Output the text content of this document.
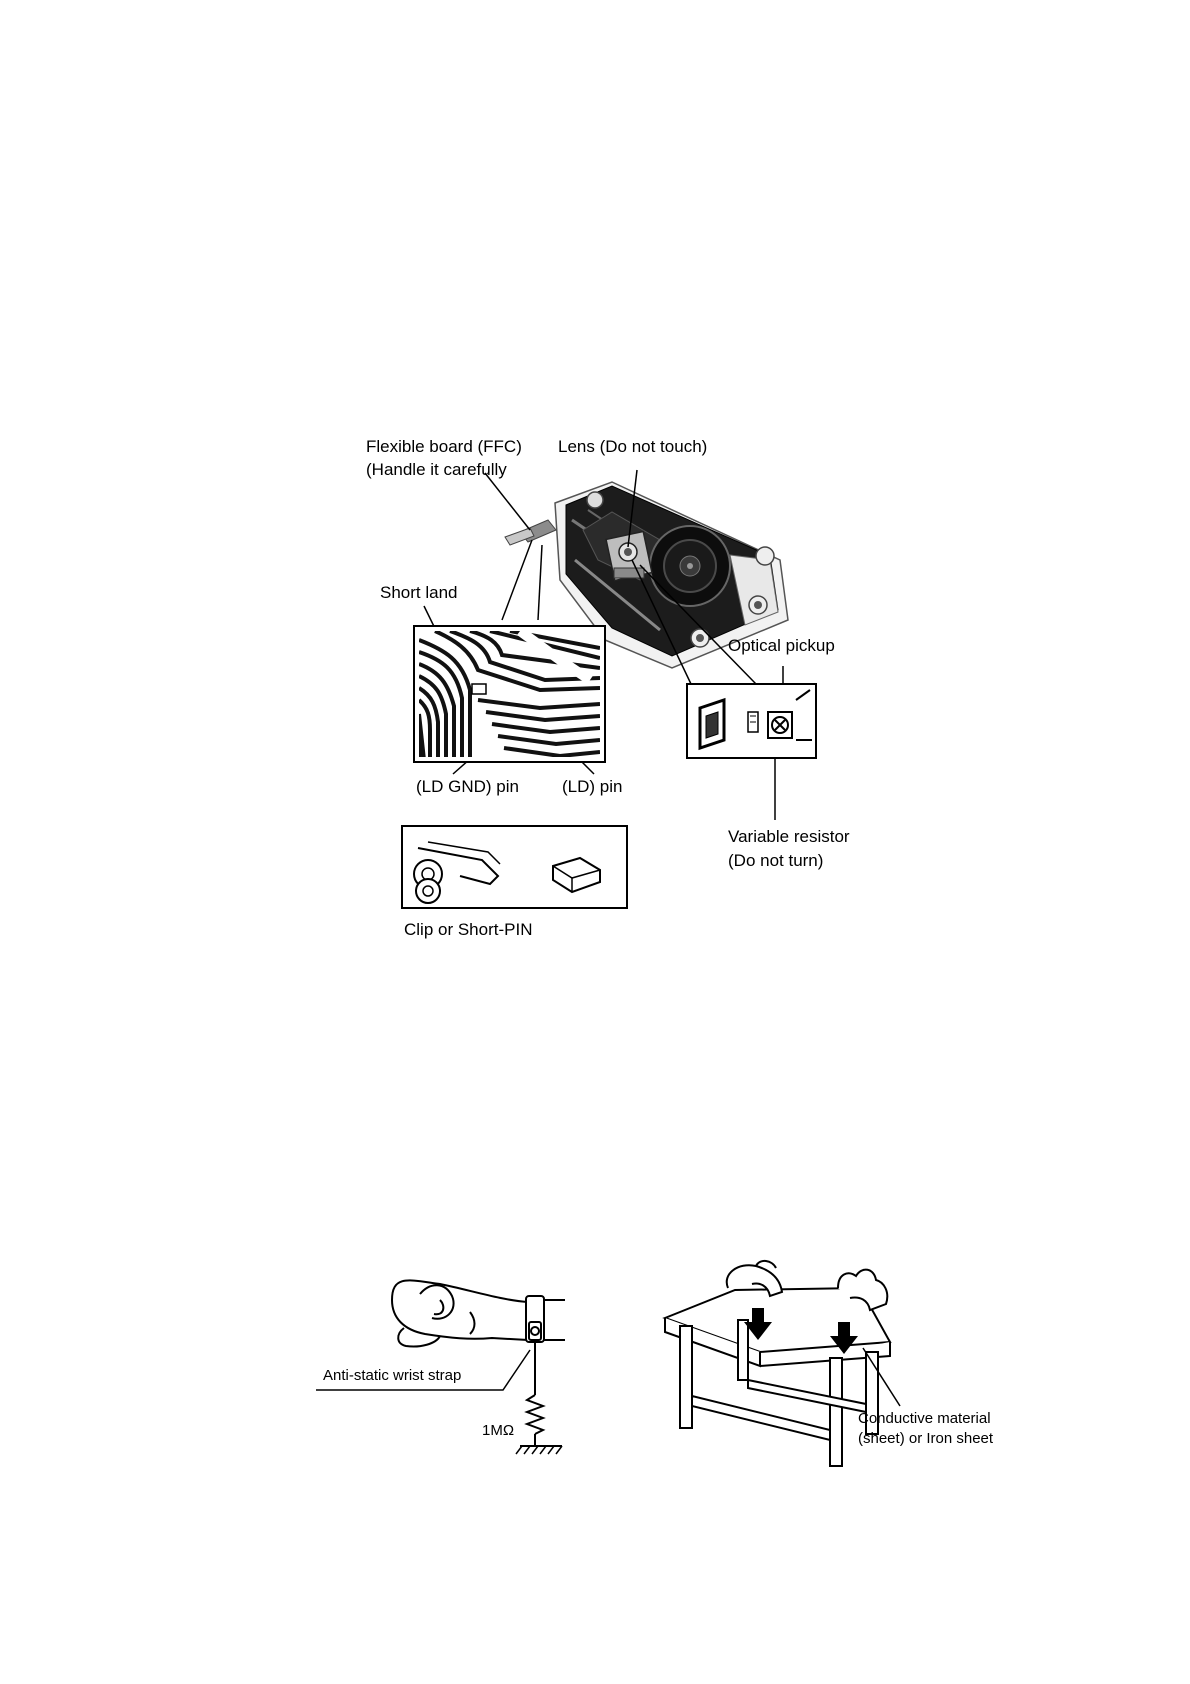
Flexible board (FFC)
(Handle it carefully
Lens (Do not touch)
Short land
Optical pickup
(LD GND) pin	(LD) pin
Variable resistor
(Do not turn)
Clip or Short-PIN
Anti-static wrist strap
1MΩ
Conductive material
(sheet) or Iron sheet
